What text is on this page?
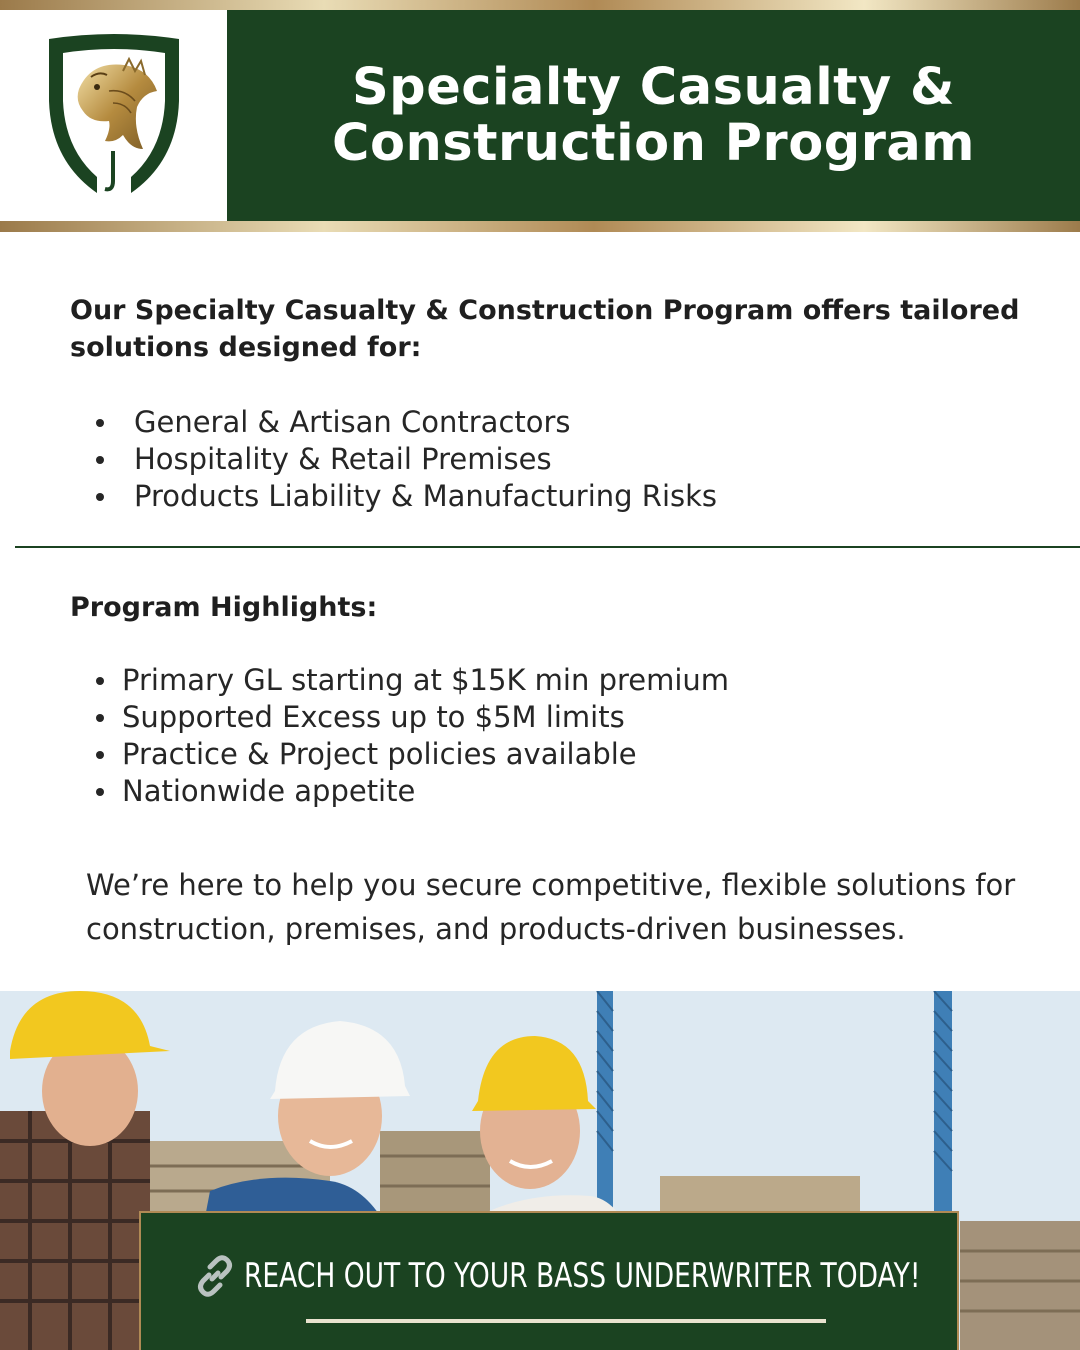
Specialty Casualty &
Construction Program
Our Specialty Casualty & Construction Program offers tailored solutions designed for:
General & Artisan Contractors
Hospitality & Retail Premises
Products Liability & Manufacturing Risks
Program Highlights:
Primary GL starting at $15K min premium
Supported Excess up to $5M limits
Practice & Project policies available
Nationwide appetite
We’re here to help you secure competitive, flexible solutions for construction, premises, and products-driven businesses.
REACH OUT TO YOUR BASS UNDERWRITER TODAY!
